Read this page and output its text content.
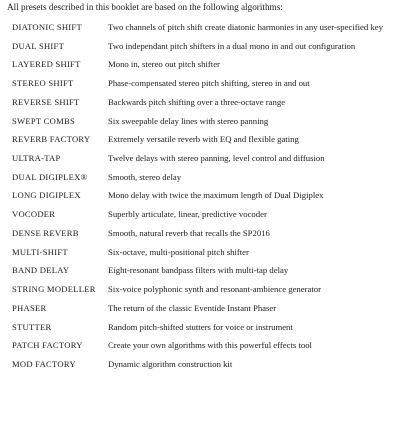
All presets described in this booklet are based on the following algorithms:
DIATONIC SHIFT	Two channels of pitch shift create diatonic harmonies in any user-specified key
DUAL SHIFT	Two independant pitch shifters in a dual mono in and out configuration
LAYERED SHIFT	Mono in, stereo out pitch shifter
STEREO SHIFT	Phase-compensated stereo pitch shifting, stereo in and out
REVERSE SHIFT	Backwards pitch shifting over a three-octave range
SWEPT COMBS	Six sweepable delay lines with stereo panning
REVERB FACTORY Extremely versatile reverb with EQ and flexible gating
ULTRA-TAP	Twelve delays with stereo panning, level control and diffusion
DUAL DIGIPLEX® Smooth, stereo delay
LONG DIGIPLEX	Mono delay with twice the maximum length of Dual Digiplex
VOCODER	Superbly articulate, linear, predictive vocoder
DENSE REVERB	Smooth, natural reverb that recalls the SP2016
MULTI-SHIFT	Six-octave, multi-positional pitch shifter
BAND DELAY	Eight-resonant bandpass filters with multi-tap delay
STRING MODELLER Six-voice polyphonic synth and resonant-ambience generator
PHASER	The return of the classic Eventide Instant Phaser
STUTTER	Random pitch-shifted stutters for voice or instrument
PATCH FACTORY	Create your own algorithms with this powerful effects tool
MOD FACTORY	Dynamic algorithm construction kit
